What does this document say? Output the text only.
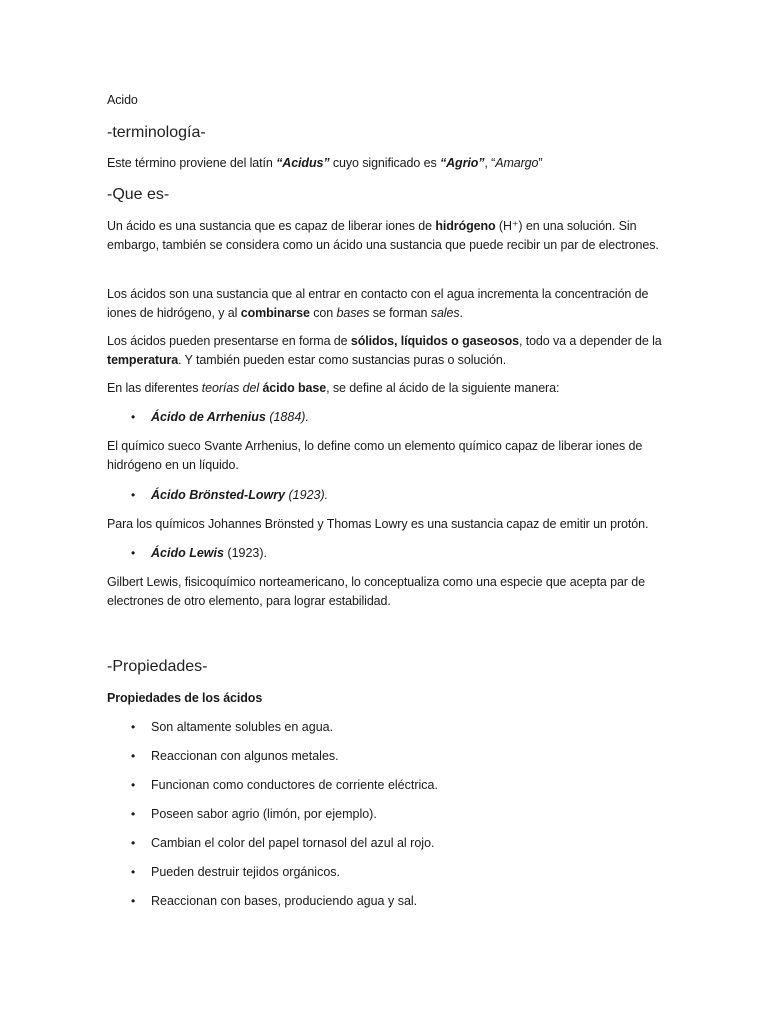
Acido
-terminología-
Este término proviene del latín “Acidus” cuyo significado es “Agrio”, “Amargo”
-Que es-
Un ácido es una sustancia que es capaz de liberar iones de hidrógeno (H⁺) en una solución. Sin embargo, también se considera como un ácido una sustancia que puede recibir un par de electrones.
Los ácidos son una sustancia que al entrar en contacto con el agua incrementa la concentración de iones de hidrógeno, y al combinarse con bases se forman sales.
Los ácidos pueden presentarse en forma de sólidos, líquidos o gaseosos, todo va a depender de la temperatura. Y también pueden estar como sustancias puras o solución.
En las diferentes teorías del ácido base, se define al ácido de la siguiente manera:
• Ácido de Arrhenius (1884).
El químico sueco Svante Arrhenius, lo define como un elemento químico capaz de liberar iones de hidrógeno en un líquido.
• Ácido Brönsted-Lowry (1923).
Para los químicos Johannes Brönsted y Thomas Lowry es una sustancia capaz de emitir un protón.
• Ácido Lewis (1923).
Gilbert Lewis, fisicoquímico norteamericano, lo conceptualiza como una especie que acepta par de electrones de otro elemento, para lograr estabilidad.
-Propiedades-
Propiedades de los ácidos
• Son altamente solubles en agua.
• Reaccionan con algunos metales.
• Funcionan como conductores de corriente eléctrica.
• Poseen sabor agrio (limón, por ejemplo).
• Cambian el color del papel tornasol del azul al rojo.
• Pueden destruir tejidos orgánicos.
• Reaccionan con bases, produciendo agua y sal.
